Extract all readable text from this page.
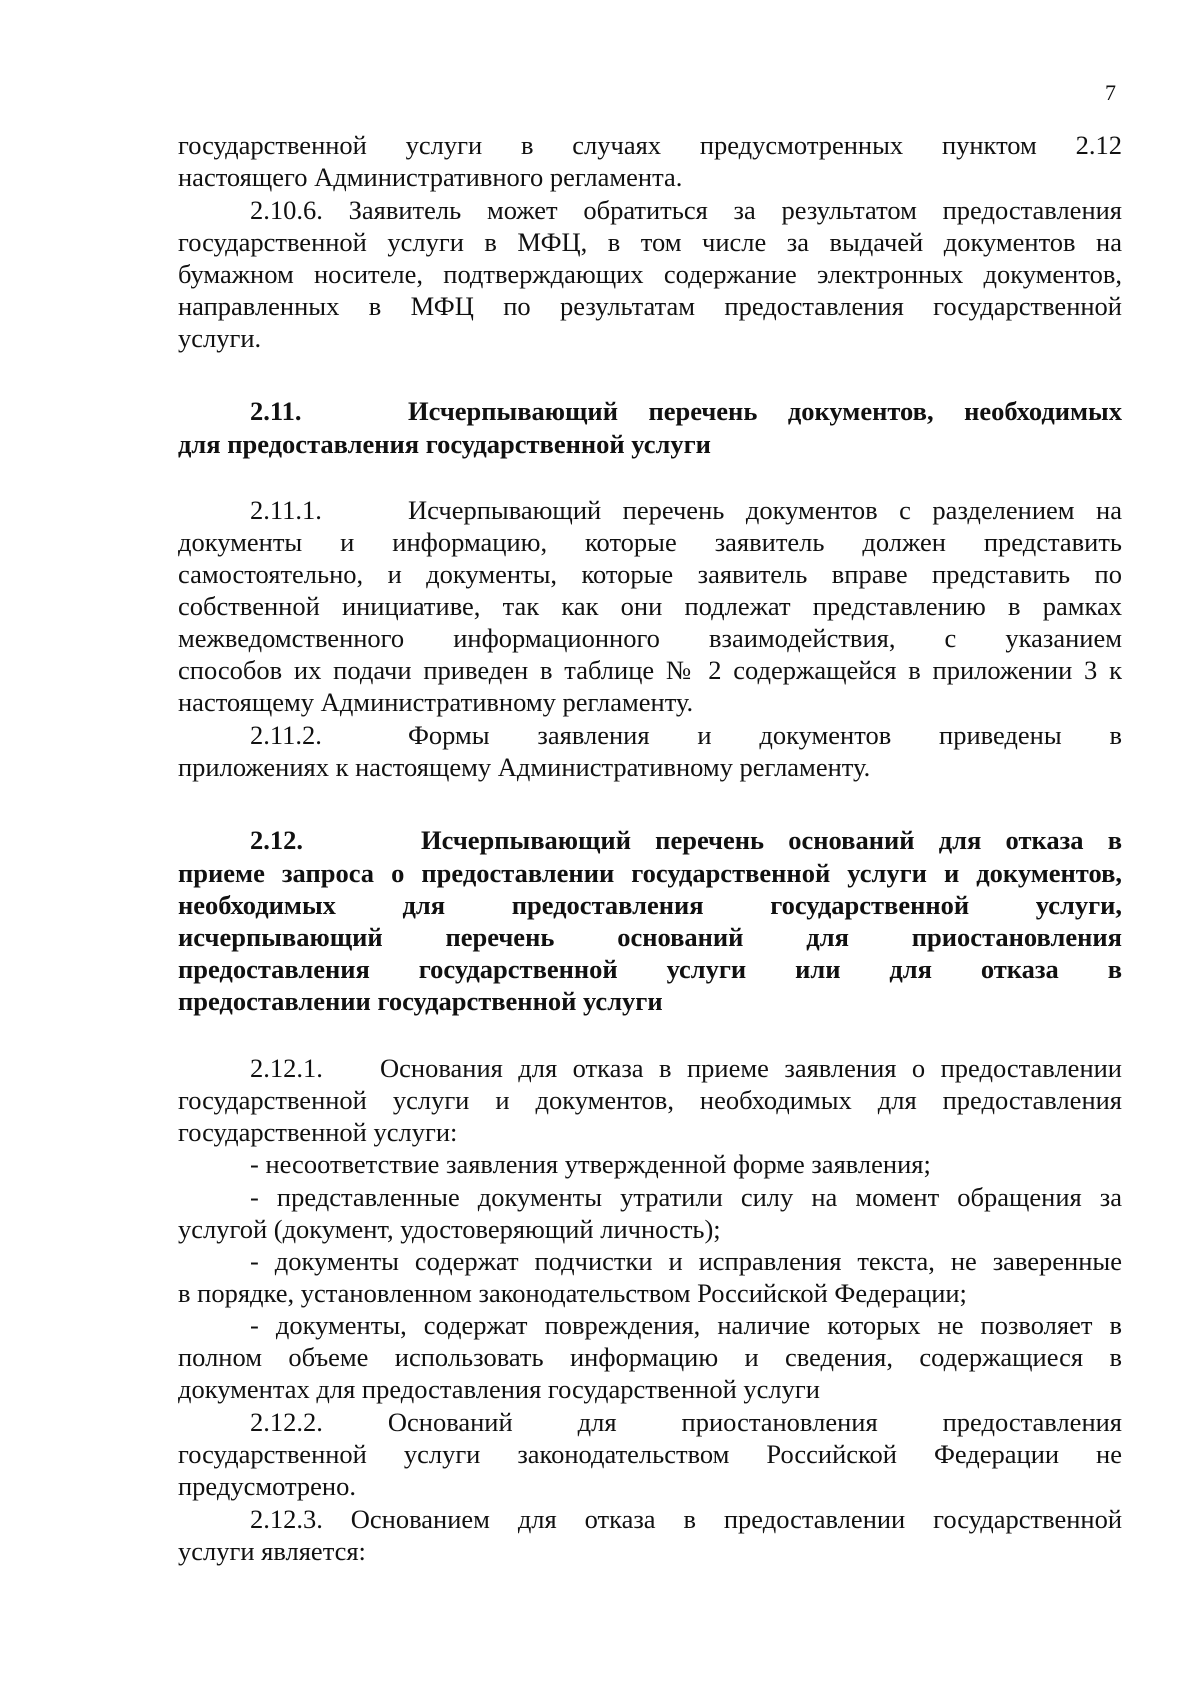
7
государственной услуги в случаях предусмотренных пунктом 2.12
настоящего Административного регламента.
2.10.6. Заявитель может обратиться за результатом предоставления
государственной услуги в МФЦ, в том числе за выдачей документов на
бумажном носителе, подтверждающих содержание электронных документов,
направленных в МФЦ по результатам предоставления государственной
услуги.
2.11.	Исчерпывающий перечень документов, необходимых
для предоставления государственной услуги
2.11.1.	Исчерпывающий перечень документов с разделением на
документы и информацию, которые заявитель должен представить
самостоятельно, и документы, которые заявитель вправе представить по
собственной инициативе, так как они подлежат представлению в рамках
межведомственного информационного взаимодействия, с указанием
способов их подачи приведен в таблице № 2 содержащейся в приложении 3 к
настоящему Административному регламенту.
2.11.2.	Формы заявления и документов приведены в
приложениях к настоящему Административному регламенту.
2.12.	Исчерпывающий перечень оснований для отказа в
приеме запроса о предоставлении государственной услуги и документов,
необходимых для предоставления государственной услуги,
исчерпывающий перечень оснований для приостановления
предоставления государственной услуги или для отказа в
предоставлении государственной услуги
2.12.1. Основания для отказа в приеме заявления о предоставлении
государственной услуги и документов, необходимых для предоставления
государственной услуги:
- несоответствие заявления утвержденной форме заявления;
- представленные документы утратили силу на момент обращения за
услугой (документ, удостоверяющий личность);
- документы содержат подчистки и исправления текста, не заверенные
в порядке, установленном законодательством Российской Федерации;
- документы, содержат повреждения, наличие которых не позволяет в
полном объеме использовать информацию и сведения, содержащиеся в
документах для предоставления государственной услуги
2.12.2. Оснований для приостановления предоставления
государственной услуги законодательством Российской Федерации не
предусмотрено.
2.12.3. Основанием для отказа в предоставлении государственной
услуги является:
